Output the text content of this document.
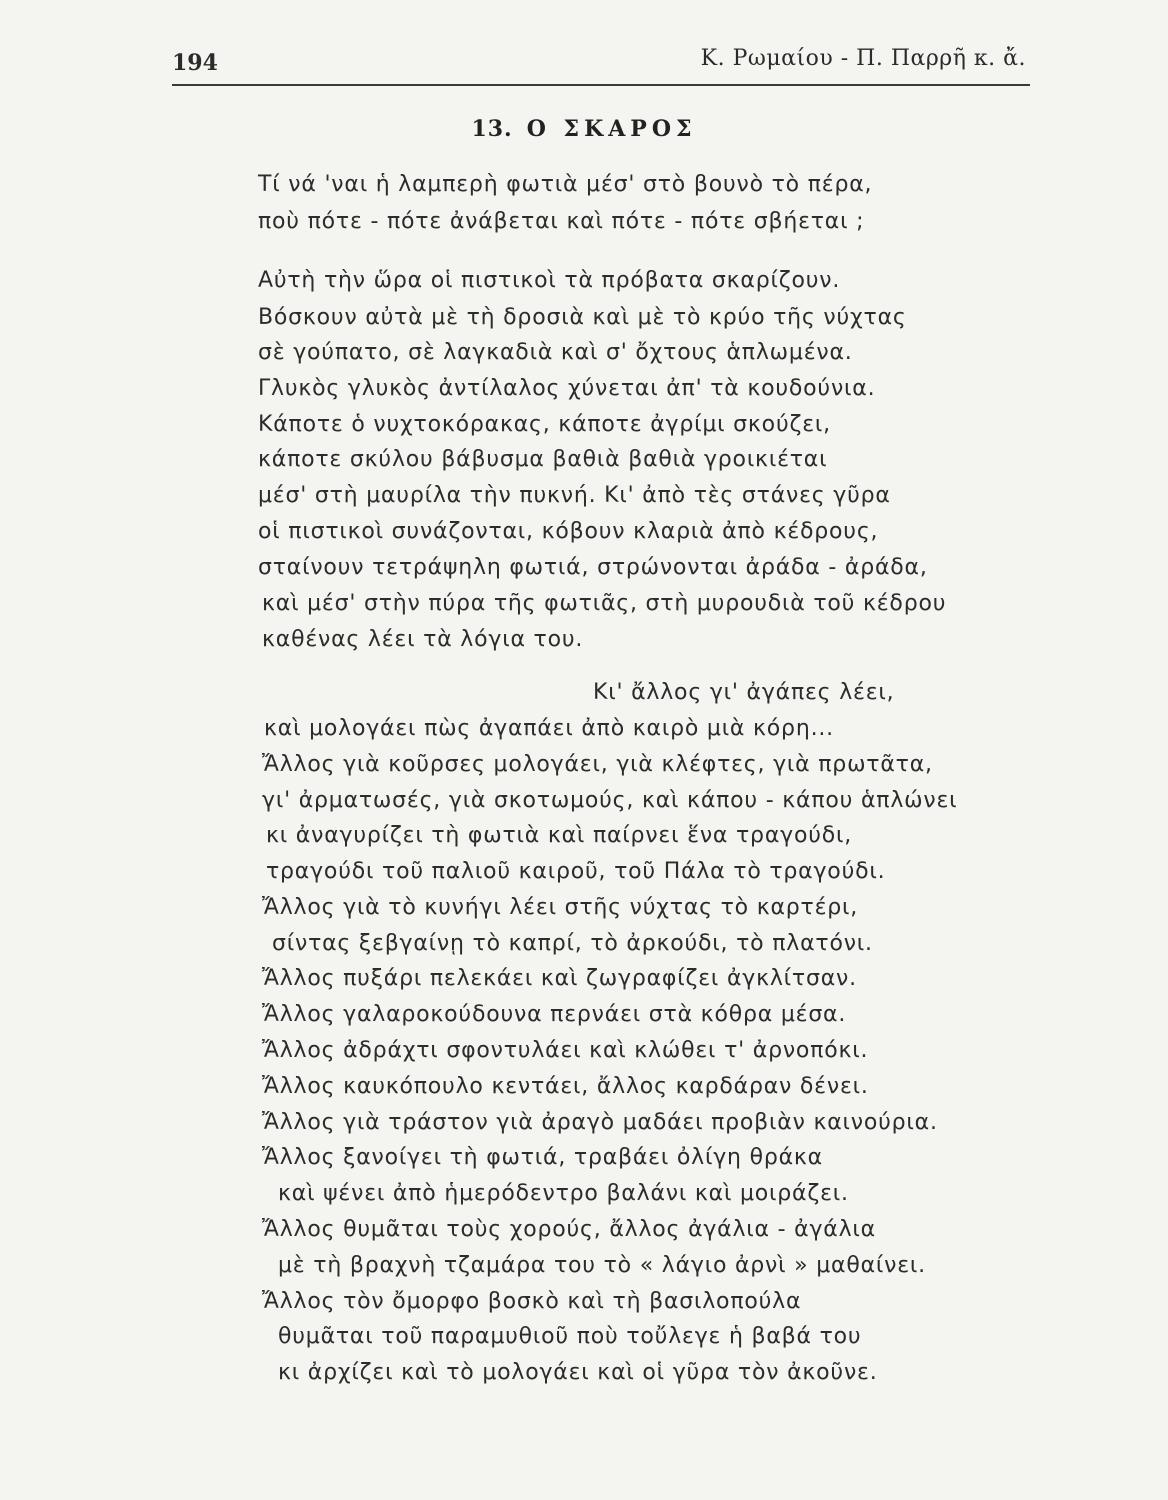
194	Κ. Ρωμαίου - Π. Παρρῆ κ. ἄ.
13. Ο ΣΚΑΡΟΣ
Τί νά 'ναι ἡ λαμπερὴ φωτιὰ μέσ' στὸ βουνὸ τὸ πέρα,
ποὺ πότε - πότε ἀνάβεται καὶ πότε - πότε σβήεται ;
Αὐτὴ τὴν ὥρα οἱ πιστικοὶ τὰ πρόβατα σκαρίζουν.
Βόσκουν αὐτὰ μὲ τὴ δροσιὰ καὶ μὲ τὸ κρύο τῆς νύχτας
σὲ γούπατο, σὲ λαγκαδιὰ καὶ σ' ὄχτους ἁπλωμένα.
Γλυκὸς γλυκὸς ἀντίλαλος χύνεται ἀπ' τὰ κουδούνια.
Κάποτε ὁ νυχτοκόρακας, κάποτε ἀγρίμι σκούζει,
κάποτε σκύλου βάβυσμα βαθιὰ βαθιὰ γροικιέται
μέσ' στὴ μαυρίλα τὴν πυκνή. Κι' ἀπὸ τὲς στάνες γῦρα
οἱ πιστικοὶ συνάζονται, κόβουν κλαριὰ ἀπὸ κέδρους,
σταίνουν τετράψηλη φωτιά, στρώνονται ἀράδα - ἀράδα,
καὶ μέσ' στὴν πύρα τῆς φωτιᾶς, στὴ μυρουδιὰ τοῦ κέδρου
καθένας λέει τὰ λόγια του.
Κι' ἄλλος γι' ἀγάπες λέει,
καὶ μολογάει πὼς ἀγαπάει ἀπὸ καιρὸ μιὰ κόρη...
Ἄλλος γιὰ κοῦρσες μολογάει, γιὰ κλέφτες, γιὰ πρωτᾶτα,
γι' ἀρματωσές, γιὰ σκοτωμούς, καὶ κάπου - κάπου ἁπλώνει
κι ἀναγυρίζει τὴ φωτιὰ καὶ παίρνει ἕνα τραγούδι,
τραγούδι τοῦ παλιοῦ καιροῦ, τοῦ Πάλα τὸ τραγούδι.
Ἄλλος γιὰ τὸ κυνήγι λέει στῆς νύχτας τὸ καρτέρι,
σίντας ξεβγαίνῃ τὸ καπρί, τὸ ἀρκούδι, τὸ πλατόνι.
Ἄλλος πυξάρι πελεκάει καὶ ζωγραφίζει ἀγκλίτσαν.
Ἄλλος γαλαροκούδουνα περνάει στὰ κόθρα μέσα.
Ἄλλος ἀδράχτι σφοντυλάει καὶ κλώθει τ' ἀρνοπόκι.
Ἄλλος καυκόπουλο κεντάει, ἄλλος καρδάραν δένει.
Ἄλλος γιὰ τράστον γιὰ ἀραγὸ μαδάει προβιὰν καινούρια.
Ἄλλος ξανοίγει τὴ φωτιά, τραβάει ὀλίγη θράκα
καὶ ψένει ἀπὸ ἡμερόδεντρο βαλάνι καὶ μοιράζει.
Ἄλλος θυμᾶται τοὺς χορούς, ἄλλος ἀγάλια - ἀγάλια
μὲ τὴ βραχνὴ τζαμάρα του τὸ « λάγιο ἀρνὶ » μαθαίνει.
Ἄλλος τὸν ὄμορφο βοσκὸ καὶ τὴ βασιλοπούλα
θυμᾶται τοῦ παραμυθιοῦ ποὺ τοὔλεγε ἡ βαβά του
κι ἀρχίζει καὶ τὸ μολογάει καὶ οἱ γῦρα τὸν ἀκοῦνε.
